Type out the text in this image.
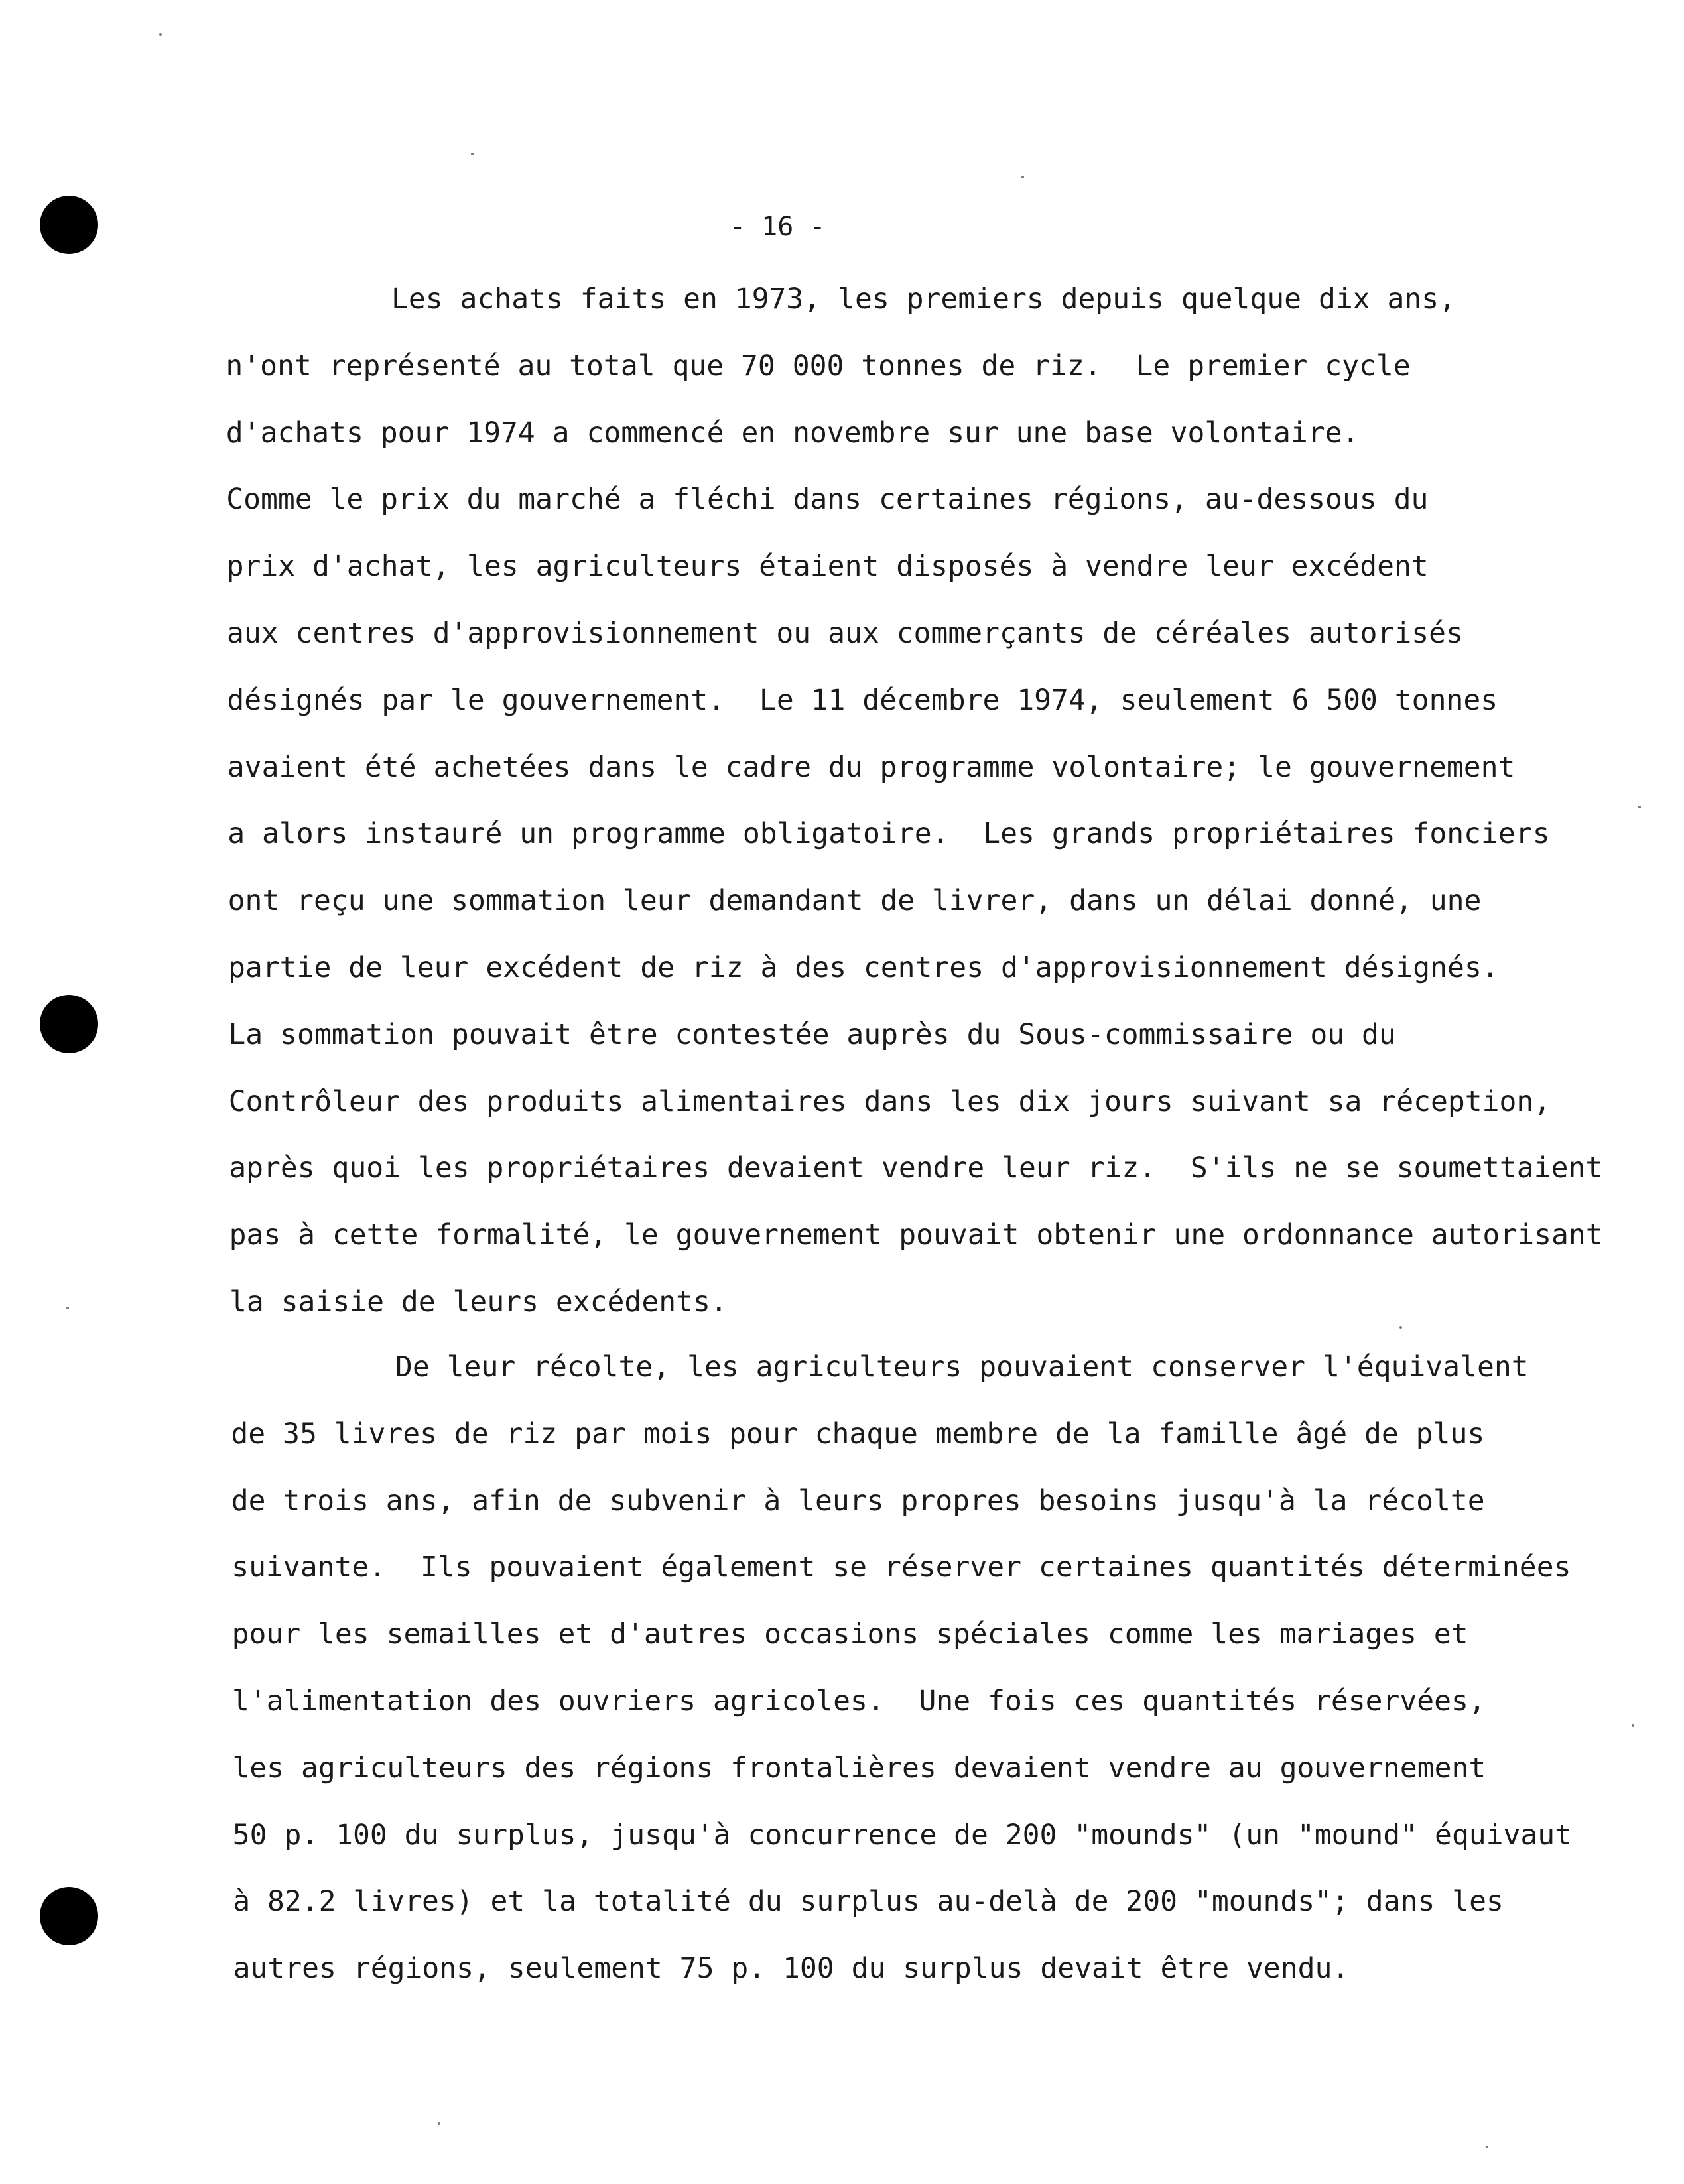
- 16 -
Les achats faits en 1973, les premiers depuis quelque dix ans,
n'ont représenté au total que 70 000 tonnes de riz.  Le premier cycle
d'achats pour 1974 a commencé en novembre sur une base volontaire.
Comme le prix du marché a fléchi dans certaines régions, au-dessous du
prix d'achat, les agriculteurs étaient disposés à vendre leur excédent
aux centres d'approvisionnement ou aux commerçants de céréales autorisés
désignés par le gouvernement.  Le 11 décembre 1974, seulement 6 500 tonnes
avaient été achetées dans le cadre du programme volontaire; le gouvernement
a alors instauré un programme obligatoire.  Les grands propriétaires fonciers
ont reçu une sommation leur demandant de livrer, dans un délai donné, une
partie de leur excédent de riz à des centres d'approvisionnement désignés.
La sommation pouvait être contestée auprès du Sous-commissaire ou du
Contrôleur des produits alimentaires dans les dix jours suivant sa réception,
après quoi les propriétaires devaient vendre leur riz.  S'ils ne se soumettaient
pas à cette formalité, le gouvernement pouvait obtenir une ordonnance autorisant
la saisie de leurs excédents.
De leur récolte, les agriculteurs pouvaient conserver l'équivalent
de 35 livres de riz par mois pour chaque membre de la famille âgé de plus
de trois ans, afin de subvenir à leurs propres besoins jusqu'à la récolte
suivante.  Ils pouvaient également se réserver certaines quantités déterminées
pour les semailles et d'autres occasions spéciales comme les mariages et
l'alimentation des ouvriers agricoles.  Une fois ces quantités réservées,
les agriculteurs des régions frontalières devaient vendre au gouvernement
50 p. 100 du surplus, jusqu'à concurrence de 200 "mounds" (un "mound" équivaut
à 82.2 livres) et la totalité du surplus au-delà de 200 "mounds"; dans les
autres régions, seulement 75 p. 100 du surplus devait être vendu.
